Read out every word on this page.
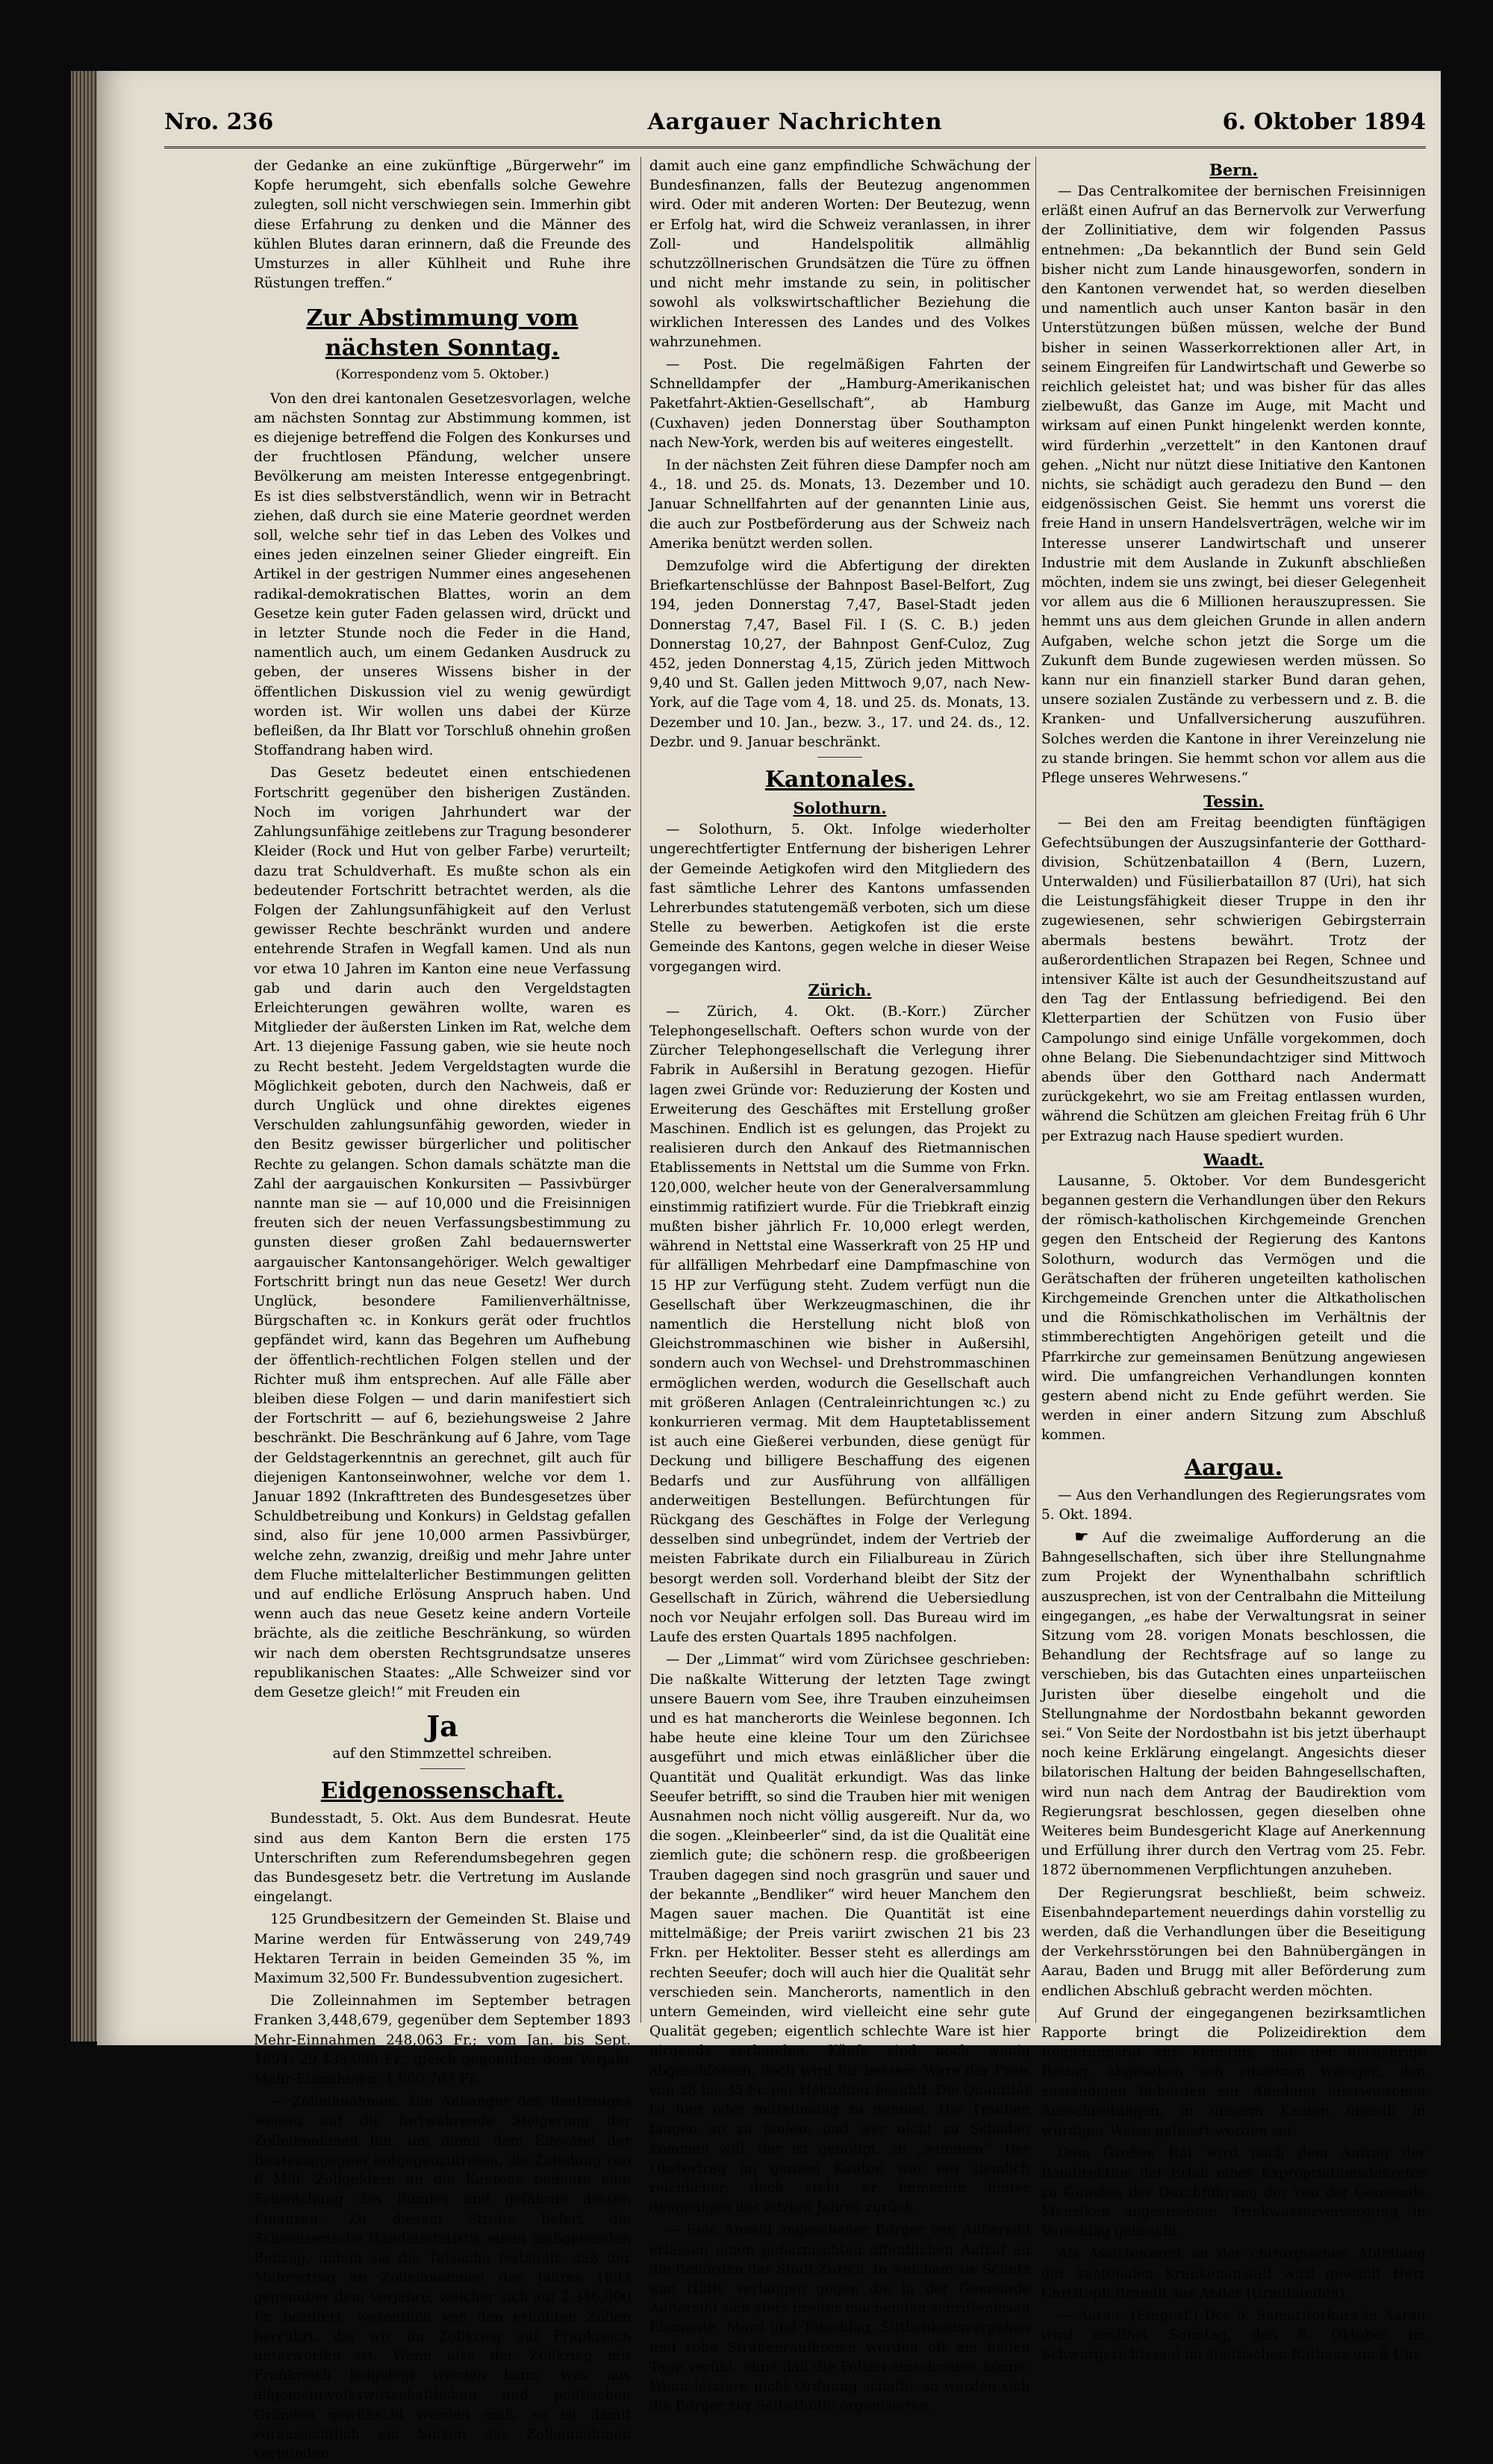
Nro. 236	Aargauer Nachrichten	6. Oktober 1894

der Gedanke an eine zukünftige „Bürgerwehr“ im Kopfe herumgeht, sich ebenfalls solche Gewehre zulegten, soll nicht verschwiegen sein. Immerhin gibt diese Erfahrung zu denken und die Männer des kühlen Blutes daran erinnern, daß die Freunde des Umsturzes in aller Kühlheit und Ruhe ihre Rüstungen treffen.“

Zur Abstimmung vom nächsten Sonntag.
(Korrespondenz vom 5. Oktober.)

Von den drei kantonalen Gesetzesvorlagen, welche am nächsten Sonntag zur Abstimmung kommen, ist es diejenige betreffend die Folgen des Konkurses und der fruchtlosen Pfändung, welcher unsere Bevölkerung am meisten Interesse entgegenbringt. Es ist dies selbstverständlich, wenn wir in Betracht ziehen, daß durch sie eine Materie geordnet werden soll, welche sehr tief in das Leben des Volkes und eines jeden einzelnen seiner Glieder eingreift. Ein Artikel in der gestrigen Nummer eines angesehenen radikal-demokratischen Blattes, worin an dem Gesetze kein guter Faden gelassen wird, drückt und in letzter Stunde noch die Feder in die Hand, namentlich auch, um einem Gedanken Ausdruck zu geben, der unseres Wissens bisher in der öffentlichen Diskussion viel zu wenig gewürdigt worden ist. Wir wollen uns dabei der Kürze befleißen, da Ihr Blatt vor Torschluß ohnehin großen Stoffandrang haben wird.

Das Gesetz bedeutet einen entschiedenen Fortschritt gegenüber den bisherigen Zuständen. Noch im vorigen Jahrhundert war der Zahlungsunfähige zeitlebens zur Tragung besonderer Kleider (Rock und Hut von gelber Farbe) verurteilt; dazu trat Schuldverhaft. Es mußte schon als ein bedeutender Fortschritt betrachtet werden, als die Folgen der Zahlungsunfähigkeit auf den Verlust gewisser Rechte beschränkt wurden und andere entehrende Strafen in Wegfall kamen. Und als nun vor etwa 10 Jahren im Kanton eine neue Verfassung gab und darin auch den Vergeldstagten Erleichterungen gewähren wollte, waren es Mitglieder der äußersten Linken im Rat, welche dem Art. 13 diejenige Fassung gaben, wie sie heute noch zu Recht besteht. Jedem Vergeldstagten wurde die Möglichkeit geboten, durch den Nachweis, daß er durch Unglück und ohne direktes eigenes Verschulden zahlungsunfähig geworden, wieder in den Besitz gewisser bürgerlicher und politischer Rechte zu gelangen. Schon damals schätzte man die Zahl der aargauischen Konkursiten — Passivbürger nannte man sie — auf 10,000 und die Freisinnigen freuten sich der neuen Verfassungsbestimmung zu gunsten dieser großen Zahl bedauernswerter aargauischer Kantonsangehöriger. Welch gewaltiger Fortschritt bringt nun das neue Gesetz! Wer durch Unglück, besondere Familienverhältnisse, Bürgschaften ꝛc. in Konkurs gerät oder fruchtlos gepfändet wird, kann das Begehren um Aufhebung der öffentlich-rechtlichen Folgen stellen und der Richter muß ihm entsprechen. Auf alle Fälle aber bleiben diese Folgen — und darin manifestiert sich der Fortschritt — auf 6, beziehungsweise 2 Jahre beschränkt. Die Beschränkung auf 6 Jahre, vom Tage der Geldstagerkenntnis an gerechnet, gilt auch für diejenigen Kantonseinwohner, welche vor dem 1. Januar 1892 (Inkrafttreten des Bundesgesetzes über Schuldbetreibung und Konkurs) in Geldstag gefallen sind, also für jene 10,000 armen Passivbürger, welche zehn, zwanzig, dreißig und mehr Jahre unter dem Fluche mittelalterlicher Bestimmungen gelitten und auf endliche Erlösung Anspruch haben. Und wenn auch das neue Gesetz keine andern Vorteile brächte, als die zeitliche Beschränkung, so würden wir nach dem obersten Rechtsgrundsatze unseres republikanischen Staates: „Alle Schweizer sind vor dem Gesetze gleich!“ mit Freuden ein

Ja
auf den Stimmzettel schreiben.
Eidgenossenschaft.

Bundesstadt, 5. Okt. Aus dem Bundesrat. Heute sind aus dem Kanton Bern die ersten 175 Unterschriften zum Referendumsbegehren gegen das Bundesgesetz betr. die Vertretung im Auslande eingelangt.

125 Grundbesitzern der Gemeinden St. Blaise und Marine werden für Entwässerung von 249,749 Hektaren Terrain in beiden Gemeinden 35 %, im Maximum 32,500 Fr. Bundessubvention zugesichert.

Die Zolleinnahmen im September betragen Franken 3,448,679, gegenüber dem September 1893 Mehr-Einnahmen 248,063 Fr.; vom Jan. bis Sept. 1894: 29,435,089 Fr., gleich gegenüber dem Vorjahr Mehr-Einnahmen: 1,660,707 Fr.

— Zolleinnahmen. Die Anhänger des Beutezuges weisen auf die fortwährende Steigerung der Zolleinnahmen hin, um damit dem Einwand der Beutezuggegner entgegenzutreten, die Zuteilung von 6 Mill. Zollgeldern an die Kantone bedeute eine Schwächung des Bundes und gefährde dessen Finanzen. Zu diesem Streite liefert die Schweizerische Handelsstatistik einen maßgebenden Beitrag, indem sie die Tatsache feststellt, daß der Mehrertrag an Zolleinnahmen des Jahres 1893 gegenüber dem Vorjahre, welcher sich auf 2,346,000 Fr. beziffert, wesentlich von den erhöhten Zöllen herrührt, die wir im Zollkrieg auf Frankreich unterworfen ist. Wenn also der Zollkrieg mit Frankreich beigelegt werden kann, was aus allgemein-volkswirtschaftlichen und politischen Gründen gewünscht werden muß, so ist damit voraussichtlich ein Sinken der Zolleinnahmen verbunden

damit auch eine ganz empfindliche Schwächung der Bundesfinanzen, falls der Beutezug angenommen wird. Oder mit anderen Worten: Der Beutezug, wenn er Erfolg hat, wird die Schweiz veranlassen, in ihrer Zoll- und Handelspolitik allmählig schutzzöllnerischen Grundsätzen die Türe zu öffnen und nicht mehr imstande zu sein, in politischer sowohl als volkswirtschaftlicher Beziehung die wirklichen Interessen des Landes und des Volkes wahrzunehmen.

— Post. Die regelmäßigen Fahrten der Schnelldampfer der „Hamburg-Amerikanischen Paketfahrt-Aktien-Gesellschaft“, ab Hamburg (Cuxhaven) jeden Donnerstag über Southampton nach New-York, werden bis auf weiteres eingestellt.

In der nächsten Zeit führen diese Dampfer noch am 4., 18. und 25. ds. Monats, 13. Dezember und 10. Januar Schnellfahrten auf der genannten Linie aus, die auch zur Postbeförderung aus der Schweiz nach Amerika benützt werden sollen.

Demzufolge wird die Abfertigung der direkten Briefkartenschlüsse der Bahnpost Basel-Belfort, Zug 194, jeden Donnerstag 7,47, Basel-Stadt jeden Donnerstag 7,47, Basel Fil. I (S. C. B.) jeden Donnerstag 10,27, der Bahnpost Genf-Culoz, Zug 452, jeden Donnerstag 4,15, Zürich jeden Mittwoch 9,40 und St. Gallen jeden Mittwoch 9,07, nach New-York, auf die Tage vom 4, 18. und 25. ds. Monats, 13. Dezember und 10. Jan., bezw. 3., 17. und 24. ds., 12. Dezbr. und 9. Januar beschränkt.

Kantonales.
Solothurn.

— Solothurn, 5. Okt. Infolge wiederholter ungerechtfertigter Entfernung der bisherigen Lehrer der Gemeinde Aetigkofen wird den Mitgliedern des fast sämtliche Lehrer des Kantons umfassenden Lehrerbundes statutengemäß verboten, sich um diese Stelle zu bewerben. Aetigkofen ist die erste Gemeinde des Kantons, gegen welche in dieser Weise vorgegangen wird.

Zürich.

— Zürich, 4. Okt. (B.-Korr.) Zürcher Telephongesellschaft. Oefters schon wurde von der Zürcher Telephongesellschaft die Verlegung ihrer Fabrik in Außersihl in Beratung gezogen. Hiefür lagen zwei Gründe vor: Reduzierung der Kosten und Erweiterung des Geschäftes mit Erstellung großer Maschinen. Endlich ist es gelungen, das Projekt zu realisieren durch den Ankauf des Rietmannischen Etablissements in Nettstal um die Summe von Frkn. 120,000, welcher heute von der Generalversammlung einstimmig ratifiziert wurde. Für die Triebkraft einzig mußten bisher jährlich Fr. 10,000 erlegt werden, während in Nettstal eine Wasserkraft von 25 HP und für allfälligen Mehrbedarf eine Dampfmaschine von 15 HP zur Verfügung steht. Zudem verfügt nun die Gesellschaft über Werkzeugmaschinen, die ihr namentlich die Herstellung nicht bloß von Gleichstrommaschinen wie bisher in Außersihl, sondern auch von Wechsel- und Drehstrommaschinen ermöglichen werden, wodurch die Gesellschaft auch mit größeren Anlagen (Centraleinrichtungen ꝛc.) zu konkurrieren vermag. Mit dem Hauptetablissement ist auch eine Gießerei verbunden, diese genügt für Deckung und billigere Beschaffung des eigenen Bedarfs und zur Ausführung von allfälligen anderweitigen Bestellungen. Befürchtungen für Rückgang des Geschäftes in Folge der Verlegung desselben sind unbegründet, indem der Vertrieb der meisten Fabrikate durch ein Filialbureau in Zürich besorgt werden soll. Vorderhand bleibt der Sitz der Gesellschaft in Zürich, während die Uebersiedlung noch vor Neujahr erfolgen soll. Das Bureau wird im Laufe des ersten Quartals 1895 nachfolgen.

— Der „Limmat“ wird vom Zürichsee geschrieben: Die naßkalte Witterung der letzten Tage zwingt unsere Bauern vom See, ihre Trauben einzuheimsen und es hat mancherorts die Weinlese begonnen. Ich habe heute eine kleine Tour um den Zürichsee ausgeführt und mich etwas einläßlicher über die Quantität und Qualität erkundigt. Was das linke Seeufer betrifft, so sind die Trauben hier mit wenigen Ausnahmen noch nicht völlig ausgereift. Nur da, wo die sogen. „Kleinbeerler“ sind, da ist die Qualität eine ziemlich gute; die schönern resp. die großbeerigen Trauben dagegen sind noch grasgrün und sauer und der bekannte „Bendliker“ wird heuer Manchem den Magen sauer machen. Die Quantität ist eine mittelmäßige; der Preis variirt zwischen 21 bis 23 Frkn. per Hektoliter. Besser steht es allerdings am rechten Seeufer; doch will auch hier die Qualität sehr verschieden sein. Mancherorts, namentlich in den untern Gemeinden, wird vielleicht eine sehr gute Qualität gegeben; eigentlich schlechte Ware ist hier nirgends vorhanden. Käufe sind noch wenig abgeschlossen, doch wird für bessere Ware der Preis von 28 bis 35 Fr. per Hektoliter bezahlt. Die Quantität ist hier oder mittelmäßig zu nennen. Die Trauben fangen an zu faulen, und wer nicht zu Schaden kommen will, der ist genötigt, zu „wimmen“. Der Obstertrag im ganzen Kanton war ein ziemlich reichlicher, doch steht er immerhin hinter demjenigen des letzten Jahres zurück.

— Eine Anzahl angesehener Bürger von Außersihl erlassen einen geharnischten öffentlichen Aufruf an die Behörden der Stadt Zürich, in welchem sie Schutz und Hülfe verlangen gegen die in der Gemeinde Außersihl sich stets breiter machenden schriftenlosen Elemente. Mord und Totschlag, Sittlichkeitsvergehen und rohe Straßenraufereien werden oft am hellen Tage verübt, ohne daß die Polizei einschreiten könne. Wenn letztere nicht Ordnung schaffe, so werden sich die Bürger zur Selbsthülfe organisieren.

Bern.

— Das Centralkomitee der bernischen Freisinnigen erläßt einen Aufruf an das Bernervolk zur Verwerfung der Zollinitiative, dem wir folgenden Passus entnehmen: „Da bekanntlich der Bund sein Geld bisher nicht zum Lande hinausgeworfen, sondern in den Kantonen verwendet hat, so werden dieselben und namentlich auch unser Kanton basär in den Unterstützungen büßen müssen, welche der Bund bisher in seinen Wasserkorrektionen aller Art, in seinem Eingreifen für Landwirtschaft und Gewerbe so reichlich geleistet hat; und was bisher für das alles zielbewußt, das Ganze im Auge, mit Macht und wirksam auf einen Punkt hingelenkt werden konnte, wird fürderhin „verzettelt“ in den Kantonen drauf gehen. „Nicht nur nützt diese Initiative den Kantonen nichts, sie schädigt auch geradezu den Bund — den eidgenössischen Geist. Sie hemmt uns vorerst die freie Hand in unsern Handelsverträgen, welche wir im Interesse unserer Landwirtschaft und unserer Industrie mit dem Auslande in Zukunft abschließen möchten, indem sie uns zwingt, bei dieser Gelegenheit vor allem aus die 6 Millionen herauszupressen. Sie hemmt uns aus dem gleichen Grunde in allen andern Aufgaben, welche schon jetzt die Sorge um die Zukunft dem Bunde zugewiesen werden müssen. So kann nur ein finanziell starker Bund daran gehen, unsere sozialen Zustände zu verbessern und z. B. die Kranken- und Unfallversicherung auszuführen. Solches werden die Kantone in ihrer Vereinzelung nie zu stande bringen. Sie hemmt schon vor allem aus die Pflege unseres Wehrwesens.“

Tessin.

— Bei den am Freitag beendigten fünftägigen Gefechtsübungen der Auszugsinfanterie der Gotthard-division, Schützenbataillon 4 (Bern, Luzern, Unterwalden) und Füsilierbataillon 87 (Uri), hat sich die Leistungsfähigkeit dieser Truppe in den ihr zugewiesenen, sehr schwierigen Gebirgsterrain abermals bestens bewährt. Trotz der außerordentlichen Strapazen bei Regen, Schnee und intensiver Kälte ist auch der Gesundheitszustand auf den Tag der Entlassung befriedigend. Bei den Kletterpartien der Schützen von Fusio über Campolungo sind einige Unfälle vorgekommen, doch ohne Belang. Die Siebenundachtziger sind Mittwoch abends über den Gotthard nach Andermatt zurückgekehrt, wo sie am Freitag entlassen wurden, während die Schützen am gleichen Freitag früh 6 Uhr per Extrazug nach Hause spediert wurden.

Waadt.

Lausanne, 5. Oktober. Vor dem Bundesgericht begannen gestern die Verhandlungen über den Rekurs der römisch-katholischen Kirchgemeinde Grenchen gegen den Entscheid der Regierung des Kantons Solothurn, wodurch das Vermögen und die Gerätschaften der früheren ungeteilten katholischen Kirchgemeinde Grenchen unter die Altkatholischen und die Römischkatholischen im Verhältnis der stimmberechtigten Angehörigen geteilt und die Pfarrkirche zur gemeinsamen Benützung angewiesen wird. Die umfangreichen Verhandlungen konnten gestern abend nicht zu Ende geführt werden. Sie werden in einer andern Sitzung zum Abschluß kommen.

Aargau.

— Aus den Verhandlungen des Regierungsrates vom 5. Okt. 1894.

☛ Auf die zweimalige Aufforderung an die Bahngesellschaften, sich über ihre Stellungnahme zum Projekt der Wynenthalbahn schriftlich auszusprechen, ist von der Centralbahn die Mitteilung eingegangen, „es habe der Verwaltungsrat in seiner Sitzung vom 28. vorigen Monats beschlossen, die Behandlung der Rechtsfrage auf so lange zu verschieben, bis das Gutachten eines unparteiischen Juristen über dieselbe eingeholt und die Stellungnahme der Nordostbahn bekannt geworden sei.“ Von Seite der Nordostbahn ist bis jetzt überhaupt noch keine Erklärung eingelangt. Angesichts dieser bilatorischen Haltung der beiden Bahngesellschaften, wird nun nach dem Antrag der Baudirektion vom Regierungsrat beschlossen, gegen dieselben ohne Weiteres beim Bundesgericht Klage auf Anerkennung und Erfüllung ihrer durch den Vertrag vom 25. Febr. 1872 übernommenen Verpflichtungen anzuheben.

Der Regierungsrat beschließt, beim schweiz. Eisenbahndepartement neuerdings dahin vorstellig zu werden, daß die Verhandlungen über die Beseitigung der Verkehrsstörungen bei den Bahnübergängen in Aarau, Baden und Brugg mit aller Beförderung zum endlichen Abschluß gebracht werden möchten.

Auf Grund der eingegangenen bezirksamtlichen Rapporte bringt die Polizeidirektion dem Regierungsrat zur Kenntnis, daß der diesjährige Bettag, abgesehen von einzelnen wenigen, den zuständigen Behörden zur Ahndung überwiesenen Ausschreitungen, in unserm Kanton überall in würdiger Weise gefeiert worden sei.

Dem Großen Rat wird nach dem Antrag der Baudirektion der Erlaß eines Expropriationsdekretes zu Gunsten der Durchführung der von der Gemeinde Menziken angestrebten Trinkwasserversorgung in Vorschlag gebracht.

Als Assistenzarzt an der chirurgischen Abteilung der kantonalen Krankenanstalt wird gewählt Herr Christoph Brandli aus Ander (Graubünden).

— Aarau. (Eingesf.) Der 5. Samariterkurs in Aarau wird eröffnet Sonntag, den 8. Oktober im Schwurgerichtssaal im städtischen Rathaus um 8 Uhr
